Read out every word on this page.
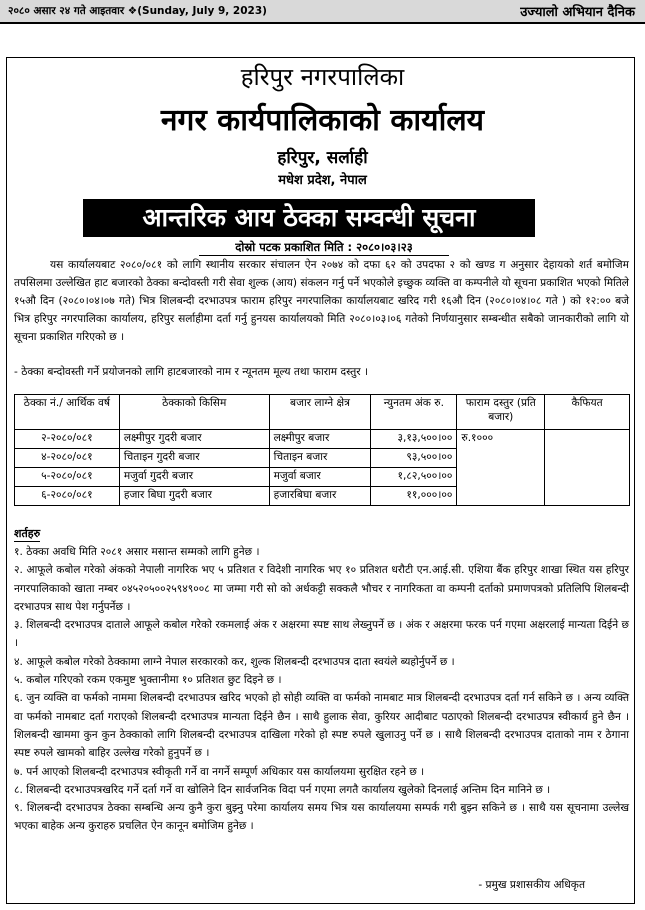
२०८० असार २४ गते आइतवार ❖(Sunday, July 9, 2023)	उज्यालो अभियान दैनिक
हरिपुर नगरपालिका
नगर कार्यपालिकाको कार्यालय
हरिपुर, सर्लाही
मधेश प्रदेश, नेपाल
आन्तरिक आय ठेक्का सम्वन्धी सूचना
दोस्रो पटक प्रकाशित मिति : २०८०।०३।२३
यस कार्यालयबाट २०८०/०८१ को लागि स्थानीय सरकार संचालन ऐन २०७४ को दफा ६२ को उपदफा २ को खण्ड ग अनुसार देहायको शर्त बमोजिम तपसिलमा उल्लेखित हाट बजारको ठेक्का बन्दोवस्ती गरी सेवा शुल्क (आय) संकलन गर्नु पर्ने भएकोले इच्छुक व्यक्ति वा कम्पनीले यो सूचना प्रकाशित भएको मितिले १५औ दिन (२०८०।०४।०७ गते) भित्र शिलबन्दी दरभाउपत्र फाराम हरिपुर नगरपालिका कार्यालयबाट खरिद गरी १६औ दिन (२०८०।०४।०८ गते ) को १२:०० बजे भित्र हरिपुर नगरपालिका कार्यालय, हरिपुर सर्लाहीमा दर्ता गर्नु हुनयस कार्यालयको मिति २०८०।०३।०६ गतेको निर्णयानुसार सम्बन्धीत सबैको जानकारीको लागि यो सूचना प्रकाशित गरिएको छ ।
- ठेक्का बन्दोवस्ती गर्ने प्रयोजनको लागि हाटबजारको नाम र न्यूनतम मूल्य तथा फाराम दस्तुर ।
ठेक्का नं./ आर्थिक वर्ष	ठेक्काको किसिम	बजार लाग्ने क्षेत्र	न्युनतम अंक रु.	फाराम दस्तुर (प्रति बजार)	कैफियत
२-२०८०/०८१	लक्ष्मीपुर गुदरी बजार	लक्ष्मीपुर बजार	३,१३,५००।००	रु.१०००	
४-२०८०/०८१	चिताइन गुदरी बजार	चिताइन बजार	९३,५००।००		
५-२०८०/०८१	मजुर्वा गुदरी बजार	मजुर्वा बजार	१,८२,५००।००		
६-२०८०/०८१	हजार बिघा गुदरी बजार	हजारबिघा बजार	११,०००।००		
शर्तहरु
१. ठेक्का अवधि मिति २०८१ असार मसान्त सम्मको लागि हुनेछ ।
२. आफूले कबोल गरेको अंकको नेपाली नागरिक भए ५ प्रतिशत र विदेशी नागरिक भए १० प्रतिशत धरौटी एन.आई.सी. एशिया बैंक हरिपुर शाखा स्थित यस हरिपुर नगरपालिकाको खाता नम्बर ०४५२०५००२५९४९००८ मा जम्मा गरी सो को अर्धकट्टी सक्कलै भौचर र नागरिकता वा कम्पनी दर्ताको प्रमाणपत्रको प्रतिलिपि शिलबन्दी दरभाउपत्र साथ पेश गर्नुपर्नेछ ।
३. शिलबन्दी दरभाउपत्र दाताले आफूले कबोल गरेको रकमलाई अंक र अक्षरमा स्पष्ट साथ लेख्नुपर्ने छ । अंक र अक्षरमा फरक पर्न गएमा अक्षरलाई मान्यता दिईने छ ।
४. आफूले कबोल गरेको ठेक्कामा लाग्ने नेपाल सरकारको कर, शुल्क शिलबन्दी दरभाउपत्र दाता स्वयंले ब्यहोर्नुपर्ने छ ।
५. कबोल गरिएको रकम एकमुष्ट भुक्तानीमा १० प्रतिशत छुट दिइने छ ।
६. जुन व्यक्ति वा फर्मको नाममा शिलबन्दी दरभाउपत्र खरिद भएको हो सोही व्यक्ति वा फर्मको नामबाट मात्र शिलबन्दी दरभाउपत्र दर्ता गर्न सकिने छ । अन्य व्यक्ति वा फर्मको नामबाट दर्ता गराएको शिलबन्दी दरभाउपत्र मान्यता दिईने छैन । साथै हुलाक सेवा, कुरियर आदीबाट पठाएको शिलबन्दी दरभाउपत्र स्वीकार्य हुने छैन । शिलबन्दी खाममा कुन कुन ठेक्काको लागि शिलबन्दी दरभाउपत्र दाखिला गरेको हो स्पष्ट रुपले खुलाउनु पर्ने छ । साथै शिलबन्दी दरभाउपत्र दाताको नाम र ठेगाना स्पष्ट रुपले खामको बाहिर उल्लेख गरेको हुनुपर्ने छ ।
७. पर्न आएको शिलबन्दी दरभाउपत्र स्वीकृती गर्ने वा नगर्ने सम्पूर्ण अधिकार यस कार्यालयमा सुरक्षित रहने छ ।
८. शिलबन्दी दरभाउपत्रखरिद गर्ने दर्ता गर्ने वा खोलिने दिन सार्वजनिक विदा पर्न गएमा लगतै कार्यालय खुलेको दिनलाई अन्तिम दिन मानिने छ ।
९. शिलबन्दी दरभाउपत्र ठेक्का सम्बन्धि अन्य कुनै कुरा बुझ्नु परेमा कार्यालय समय भित्र यस कार्यालयमा सम्पर्क गरी बुझ्न सकिने छ । साथै यस सूचनामा उल्लेख भएका बाहेक अन्य कुराहरु प्रचलित ऐन कानून बमोजिम हुनेछ ।
- प्रमुख प्रशासकीय अधिकृत
